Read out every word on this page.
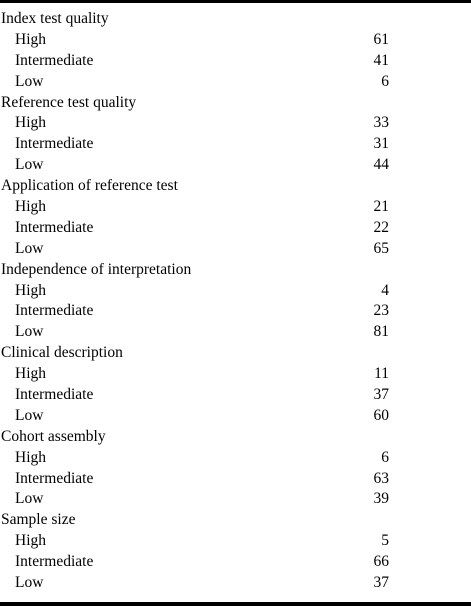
Index test quality
High	61
Intermediate	41
Low	6
Reference test quality
High	33
Intermediate	31
Low	44
Application of reference test
High	21
Intermediate	22
Low	65
Independence of interpretation
High	4
Intermediate	23
Low	81
Clinical description
High	11
Intermediate	37
Low	60
Cohort assembly
High	6
Intermediate	63
Low	39
Sample size
High	5
Intermediate	66
Low	37
